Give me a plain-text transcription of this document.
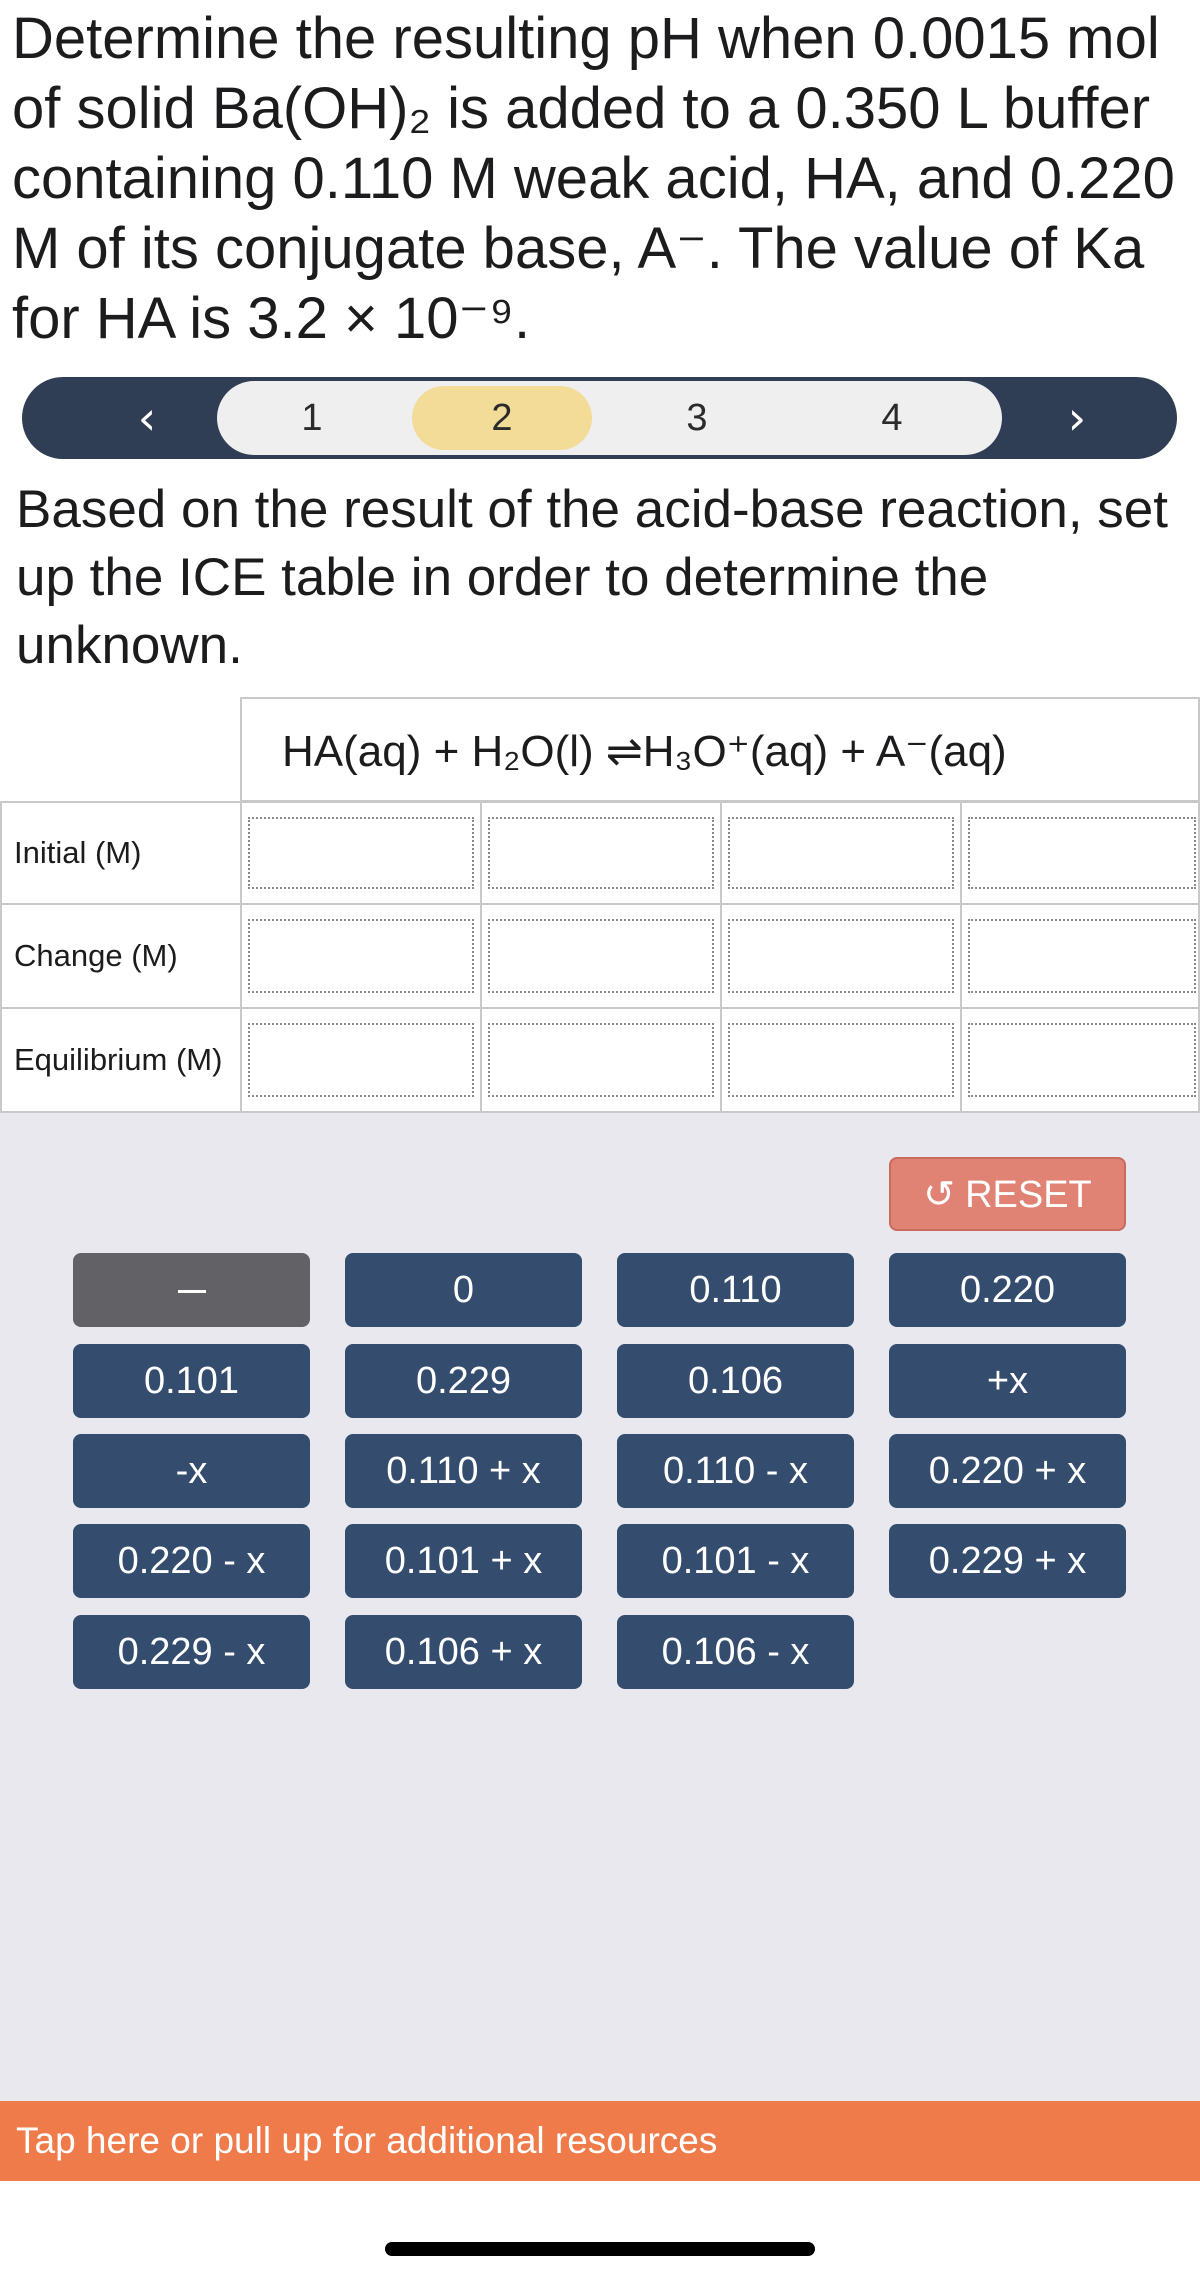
Determine the resulting pH when 0.0015 mol of solid Ba(OH)₂ is added to a 0.350 L buffer containing 0.110 M weak acid, HA, and 0.220 M of its conjugate base, A⁻. The value of Ka for HA is 3.2 × 10⁻⁹.
‹	1	2	3	4	›
Based on the result of the acid-base reaction, set up the ICE table in order to determine the unknown.
HA(aq) + H₂O(l) ⇌H₃O⁺(aq) + A⁻(aq)
Initial (M)
Change (M)
Equilibrium (M)
↺ RESET
0	0.110	0.220
0.101	0.229	0.106	+x
-x	0.110 + x	0.110 - x	0.220 + x
0.220 - x	0.101 + x	0.101 - x	0.229 + x
0.229 - x	0.106 + x	0.106 - x
Tap here or pull up for additional resources
